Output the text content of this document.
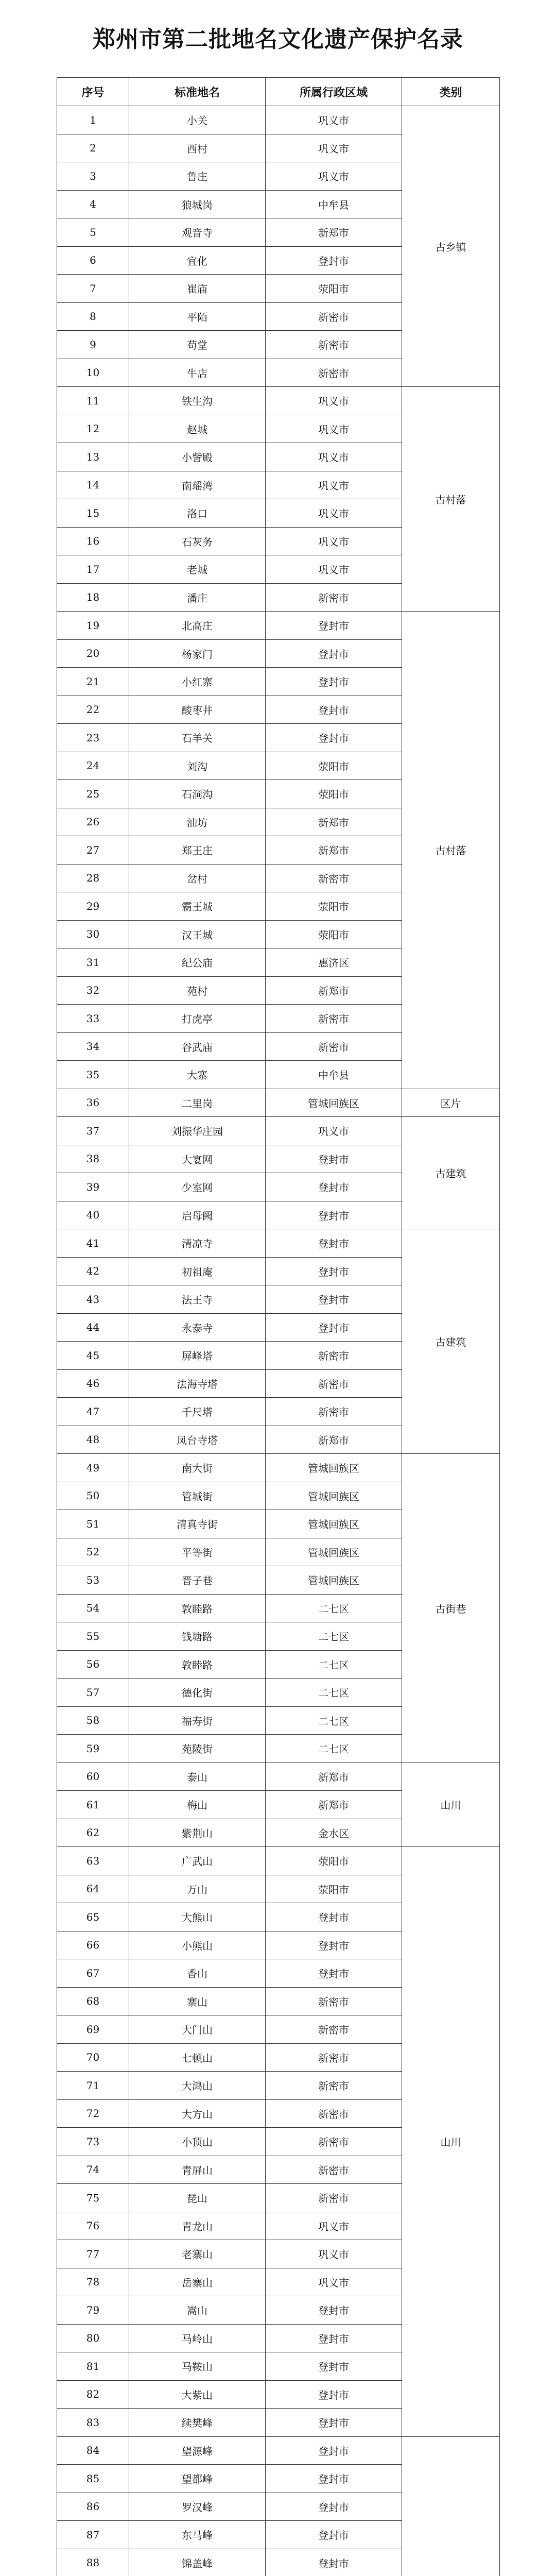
郑州市第二批地名文化遗产保护名录
序号	标准地名	所属行政区域	类别
1	小关	巩义市	古乡镇
2	西村	巩义市	
3	鲁庄	巩义市	
4	狼城岗	中牟县	
5	观音寺	新郑市	
6	宜化	登封市	
7	崔庙	荥阳市	
8	平陌	新密市	
9	苟堂	新密市	
10	牛店	新密市	
11	铁生沟	巩义市	古村落
12	赵城	巩义市	
13	小訾殿	巩义市	
14	南瑶湾	巩义市	
15	洛口	巩义市	
16	石灰务	巩义市	
17	老城	巩义市	
18	潘庄	新密市	
19	北高庄	登封市	古村落
20	杨家门	登封市	
21	小红寨	登封市	
22	酸枣井	登封市	
23	石羊关	登封市	
24	刘沟	荥阳市	
25	石洞沟	荥阳市	
26	油坊	新郑市	
27	郑王庄	新郑市	
28	岔村	新密市	
29	霸王城	荥阳市	
30	汉王城	荥阳市	
31	纪公庙	惠济区	
32	苑村	新郑市	
33	打虎亭	新密市	
34	谷武庙	新密市	
35	大寨	中牟县	
36	二里岗	管城回族区	区片
37	刘振华庄园	巩义市	古建筑
38	大宴网	登封市	
39	少室网	登封市	
40	启母阙	登封市	
41	清凉寺	登封市	古建筑
42	初祖庵	登封市	
43	法王寺	登封市	
44	永泰寺	登封市	
45	屏峰塔	新密市	
46	法海寺塔	新密市	
47	千尺塔	新密市	
48	凤台寺塔	新郑市	
49	南大街	管城回族区	古街巷
50	管城街	管城回族区	
51	清真寺街	管城回族区	
52	平等街	管城回族区	
53	晋子巷	管城回族区	
54	敦睦路	二七区	
55	钱塘路	二七区	
56	敦睦路	二七区	
57	德化街	二七区	
58	福寿街	二七区	
59	苑陵街	二七区	
60	泰山	新郑市	山川
61	梅山	新郑市	
62	紫荆山	金水区	
63	广武山	荥阳市	山川
64	万山	荥阳市	
65	大熊山	登封市	
66	小熊山	登封市	
67	香山	登封市	
68	寨山	新密市	
69	大门山	新密市	
70	七顿山	新密市	
71	大鸿山	新密市	
72	大方山	新密市	
73	小顶山	新密市	
74	青屏山	新密市	
75	琵山	新密市	
76	青龙山	巩义市	
77	老寨山	巩义市	
78	岳寨山	巩义市	
79	嵩山	登封市	
80	马岭山	登封市	
81	马鞍山	登封市	
82	大紫山	登封市	
83	续樊峰	登封市	
84	望源峰	登封市	
85	望都峰	登封市	
86	罗汉峰	登封市	
87	东马峰	登封市	
88	锦盖峰	登封市	
